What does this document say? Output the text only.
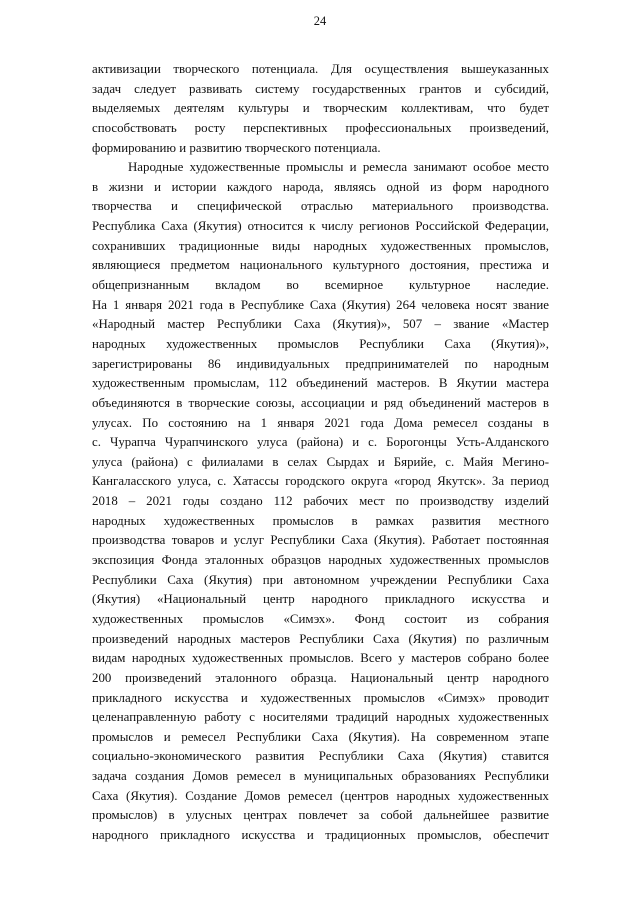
24
активизации творческого потенциала. Для осуществления вышеуказанных
задач следует развивать систему государственных грантов и субсидий,
выделяемых деятелям культуры и творческим коллективам, что будет
способствовать росту перспективных профессиональных произведений,
формированию и развитию творческого потенциала.
Народные художественные промыслы и ремесла занимают особое место
в жизни и истории каждого народа, являясь одной из форм народного
творчества и специфической отраслью материального производства.
Республика Саха (Якутия) относится к числу регионов Российской Федерации,
сохранивших традиционные виды народных художественных промыслов,
являющиеся предметом национального культурного достояния, престижа и
общепризнанным вкладом во всемирное культурное наследие.
На 1 января 2021 года в Республике Саха (Якутия) 264 человека носят звание
«Народный мастер Республики Саха (Якутия)», 507 – звание «Мастер
народных художественных промыслов Республики Саха (Якутия)»,
зарегистрированы 86 индивидуальных предпринимателей по народным
художественным промыслам, 112 объединений мастеров. В Якутии мастера
объединяются в творческие союзы, ассоциации и ряд объединений мастеров в
улусах. По состоянию на 1 января 2021 года Дома ремесел созданы в
с. Чурапча Чурапчинского улуса (района) и с. Борогонцы Усть-Алданского
улуса (района) с филиалами в селах Сырдах и Бярийе, с. Майя Мегино-
Кангаласского улуса, с. Хатассы городского округа «город Якутск». За период
2018 – 2021 годы создано 112 рабочих мест по производству изделий
народных художественных промыслов в рамках развития местного
производства товаров и услуг Республики Саха (Якутия). Работает постоянная
экспозиция Фонда эталонных образцов народных художественных промыслов
Республики Саха (Якутия) при автономном учреждении Республики Саха
(Якутия) «Национальный центр народного прикладного искусства и
художественных промыслов «Симэх». Фонд состоит из собрания
произведений народных мастеров Республики Саха (Якутия) по различным
видам народных художественных промыслов. Всего у мастеров собрано более
200 произведений эталонного образца. Национальный центр народного
прикладного искусства и художественных промыслов «Симэх» проводит
целенаправленную работу с носителями традиций народных художественных
промыслов и ремесел Республики Саха (Якутия). На современном этапе
социально-экономического развития Республики Саха (Якутия) ставится
задача создания Домов ремесел в муниципальных образованиях Республики
Саха (Якутия). Создание Домов ремесел (центров народных художественных
промыслов) в улусных центрах повлечет за собой дальнейшее развитие
народного прикладного искусства и традиционных промыслов, обеспечит
